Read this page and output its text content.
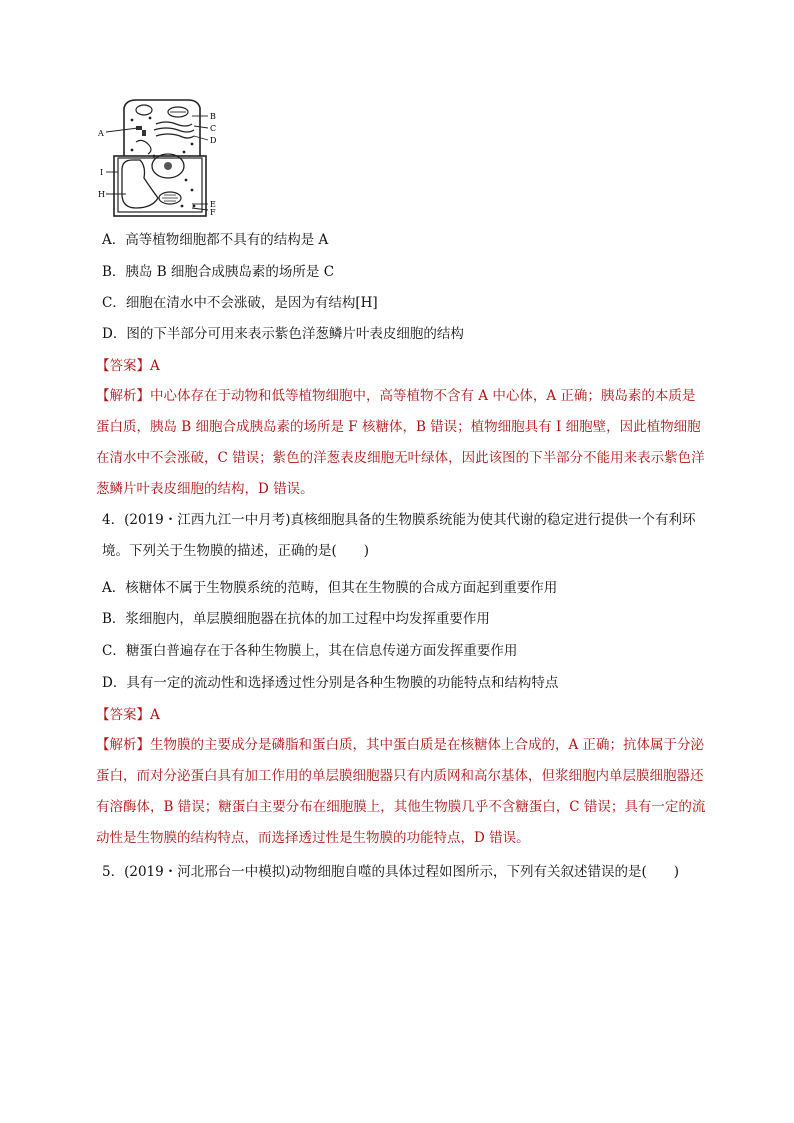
A
B
C
D
I
H
E
F
A．高等植物细胞都不具有的结构是 A
B．胰岛 B 细胞合成胰岛素的场所是 C
C．细胞在清水中不会涨破，是因为有结构[H]
D．图的下半部分可用来表示紫色洋葱鳞片叶表皮细胞的结构
【答案】A
【解析】中心体存在于动物和低等植物细胞中，高等植物不含有 A 中心体，A 正确；胰岛素的本质是蛋白质，胰岛 B 细胞合成胰岛素的场所是 F 核糖体，B 错误；植物细胞具有 I 细胞壁，因此植物细胞在清水中不会涨破，C 错误；紫色的洋葱表皮细胞无叶绿体，因此该图的下半部分不能用来表示紫色洋葱鳞片叶表皮细胞的结构，D 错误。
4．(2019・江西九江一中月考)真核细胞具备的生物膜系统能为使其代谢的稳定进行提供一个有利环境。下列关于生物膜的描述，正确的是(　　)
A．核糖体不属于生物膜系统的范畴，但其在生物膜的合成方面起到重要作用
B．浆细胞内，单层膜细胞器在抗体的加工过程中均发挥重要作用
C．糖蛋白普遍存在于各种生物膜上，其在信息传递方面发挥重要作用
D．具有一定的流动性和选择透过性分别是各种生物膜的功能特点和结构特点
【答案】A
【解析】生物膜的主要成分是磷脂和蛋白质，其中蛋白质是在核糖体上合成的，A 正确；抗体属于分泌蛋白，而对分泌蛋白具有加工作用的单层膜细胞器只有内质网和高尔基体，但浆细胞内单层膜细胞器还有溶酶体，B 错误；糖蛋白主要分布在细胞膜上，其他生物膜几乎不含糖蛋白，C 错误；具有一定的流动性是生物膜的结构特点，而选择透过性是生物膜的功能特点，D 错误。
5．(2019・河北邢台一中模拟)动物细胞自噬的具体过程如图所示，下列有关叙述错误的是(　　)
